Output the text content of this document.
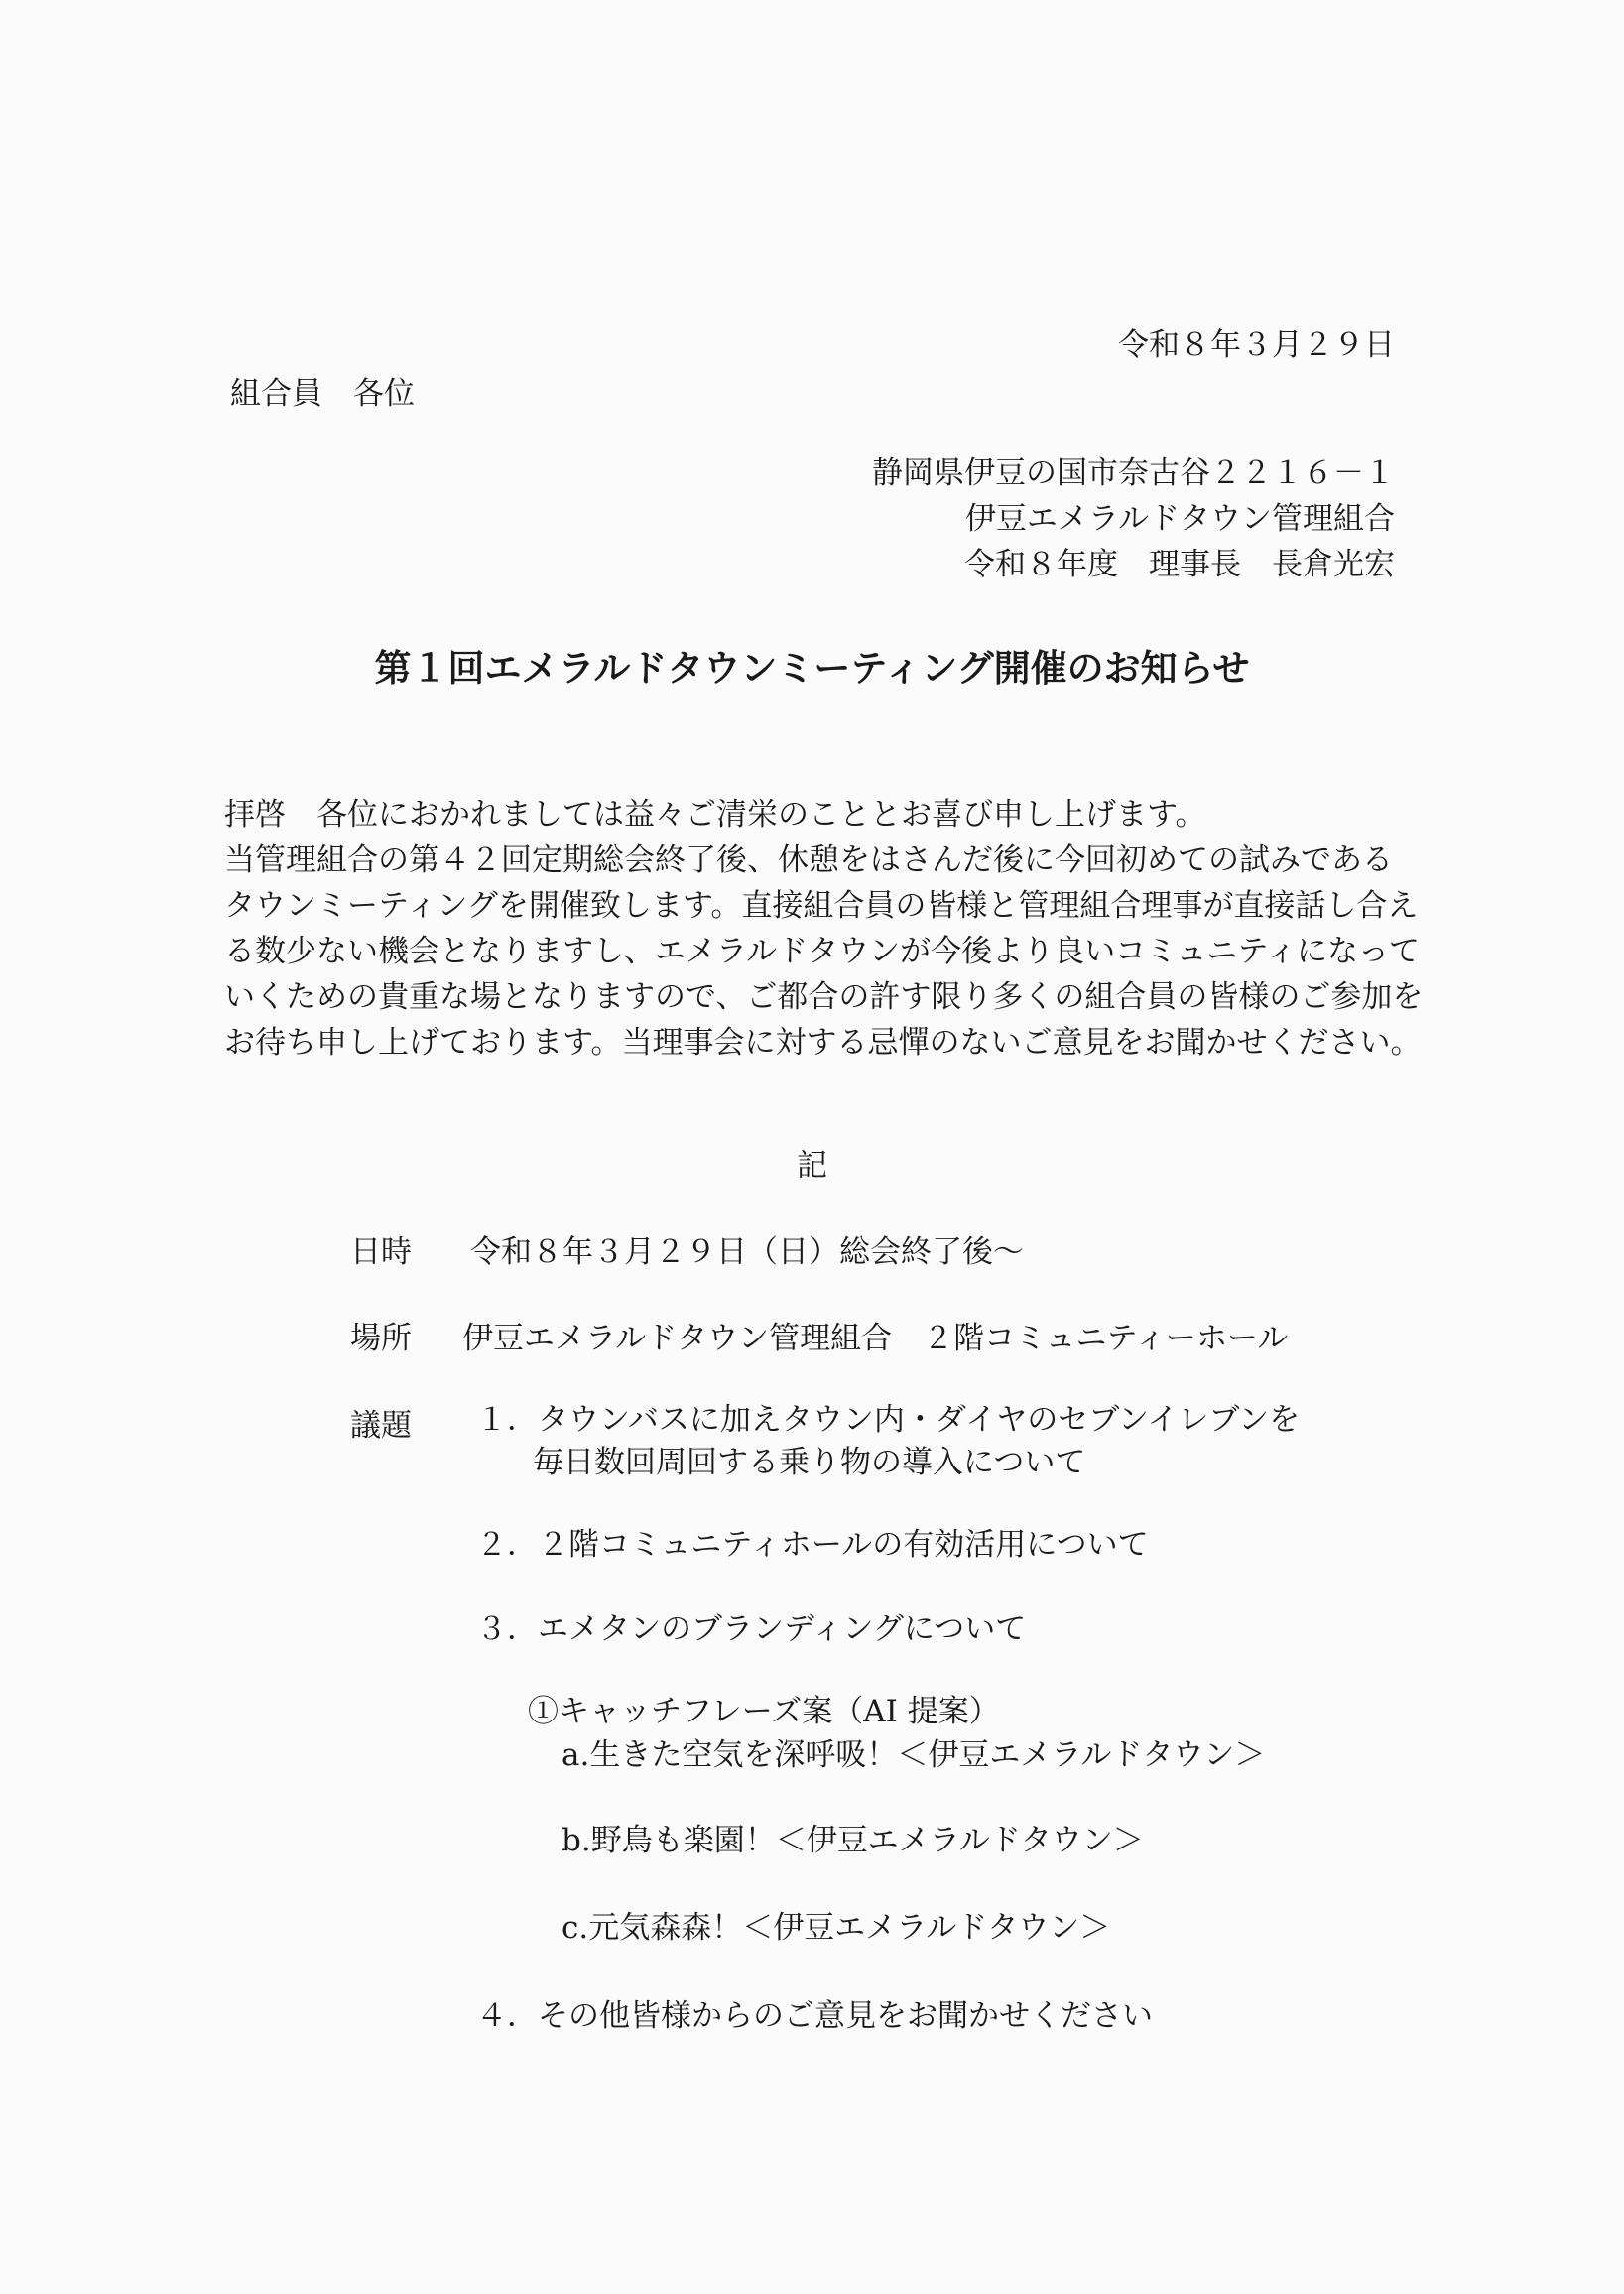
令和８年３月２９日
組合員　各位
静岡県伊豆の国市奈古谷２２１６－１
伊豆エメラルドタウン管理組合
令和８年度　理事長　長倉光宏
第１回エメラルドタウンミーティング開催のお知らせ
拝啓　各位におかれましては益々ご清栄のこととお喜び申し上げます。
当管理組合の第４２回定期総会終了後、休憩をはさんだ後に今回初めての試みである
タウンミーティングを開催致します。直接組合員の皆様と管理組合理事が直接話し合え
る数少ない機会となりますし、エメラルドタウンが今後より良いコミュニティになって
いくための貴重な場となりますので、ご都合の許す限り多くの組合員の皆様のご参加を
お待ち申し上げております。当理事会に対する忌憚のないご意見をお聞かせください。
記
日時 令和８年３月２９日（日）総会終了後～
場所 伊豆エメラルドタウン管理組合　２階コミュニティーホール
議題 １．タウンバスに加えタウン内・ダイヤのセブンイレブンを
毎日数回周回する乗り物の導入について
２．２階コミュニティホールの有効活用について
３．エメタンのブランディングについて
①キャッチフレーズ案（AI 提案）
a.生きた空気を深呼吸！＜伊豆エメラルドタウン＞
b.野鳥も楽園！＜伊豆エメラルドタウン＞
c.元気森森！＜伊豆エメラルドタウン＞
４．その他皆様からのご意見をお聞かせください
